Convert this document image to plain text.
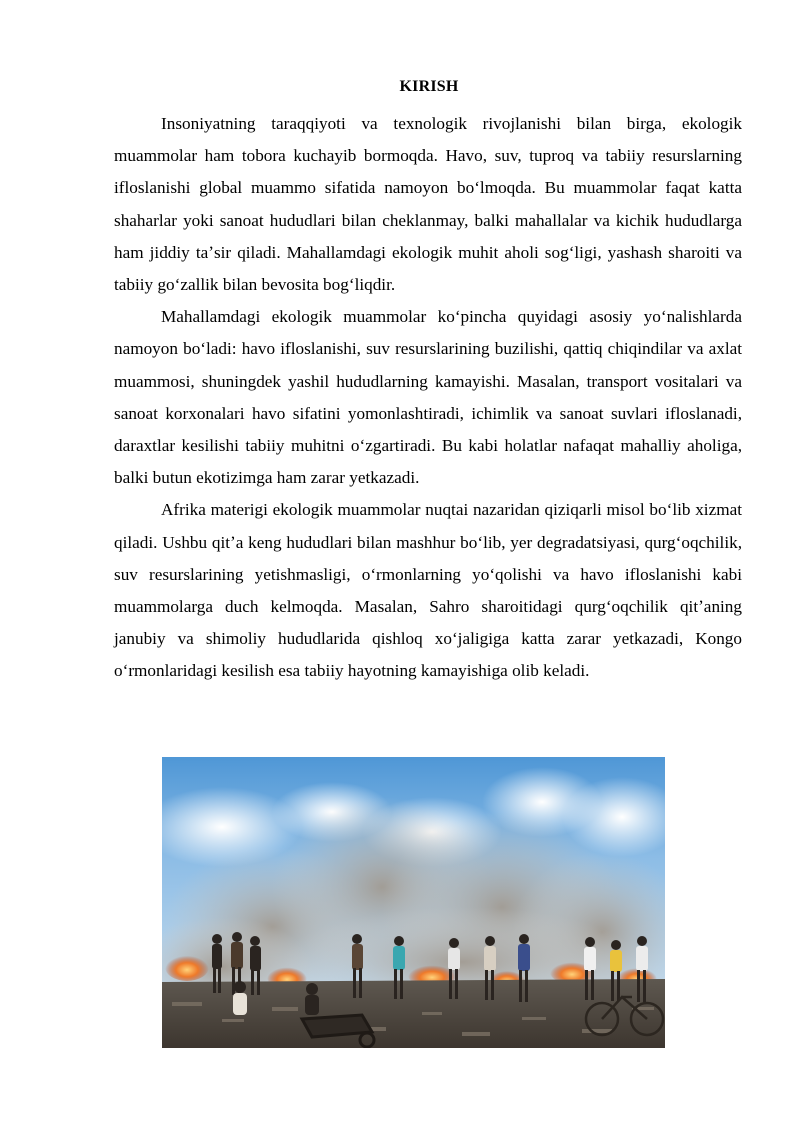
KIRISH

Insoniyatning taraqqiyoti va texnologik rivojlanishi bilan birga, ekologik muammolar ham tobora kuchayib bormoqda. Havo, suv, tuproq va tabiiy resurslarning ifloslanishi global muammo sifatida namoyon boʻlmoqda. Bu muammolar faqat katta shaharlar yoki sanoat hududlari bilan cheklanmay, balki mahallalar va kichik hududlarga ham jiddiy taʼsir qiladi. Mahallamdagi ekologik muhit aholi sogʻligi, yashash sharoiti va tabiiy goʻzallik bilan bevosita bogʻliqdir.

Mahallamdagi ekologik muammolar koʻpincha quyidagi asosiy yoʻnalishlarda namoyon boʻladi: havo ifloslanishi, suv resurslarining buzilishi, qattiq chiqindilar va axlat muammosi, shuningdek yashil hududlarning kamayishi. Masalan, transport vositalari va sanoat korxonalari havo sifatini yomonlashtiradi, ichimlik va sanoat suvlari ifloslanadi, daraxtlar kesilishi tabiiy muhitni oʻzgartiradi. Bu kabi holatlar nafaqat mahalliy aholiga, balki butun ekotizimga ham zarar yetkazadi.

Afrika materigi ekologik muammolar nuqtai nazaridan qiziqarli misol boʻlib xizmat qiladi. Ushbu qitʼa keng hududlari bilan mashhur boʻlib, yer degradatsiyasi, qurgʻoqchilik, suv resurslarining yetishmasligi, oʻrmonlarning yoʻqolishi va havo ifloslanishi kabi muammolarga duch kelmoqda. Masalan, Sahro sharoitidagi qurgʻoqchilik qitʼaning janubiy va shimoliy hududlarida qishloq xoʻjaligiga katta zarar yetkazadi, Kongo oʻrmonlaridagi kesilish esa tabiiy hayotning kamayishiga olib keladi.
